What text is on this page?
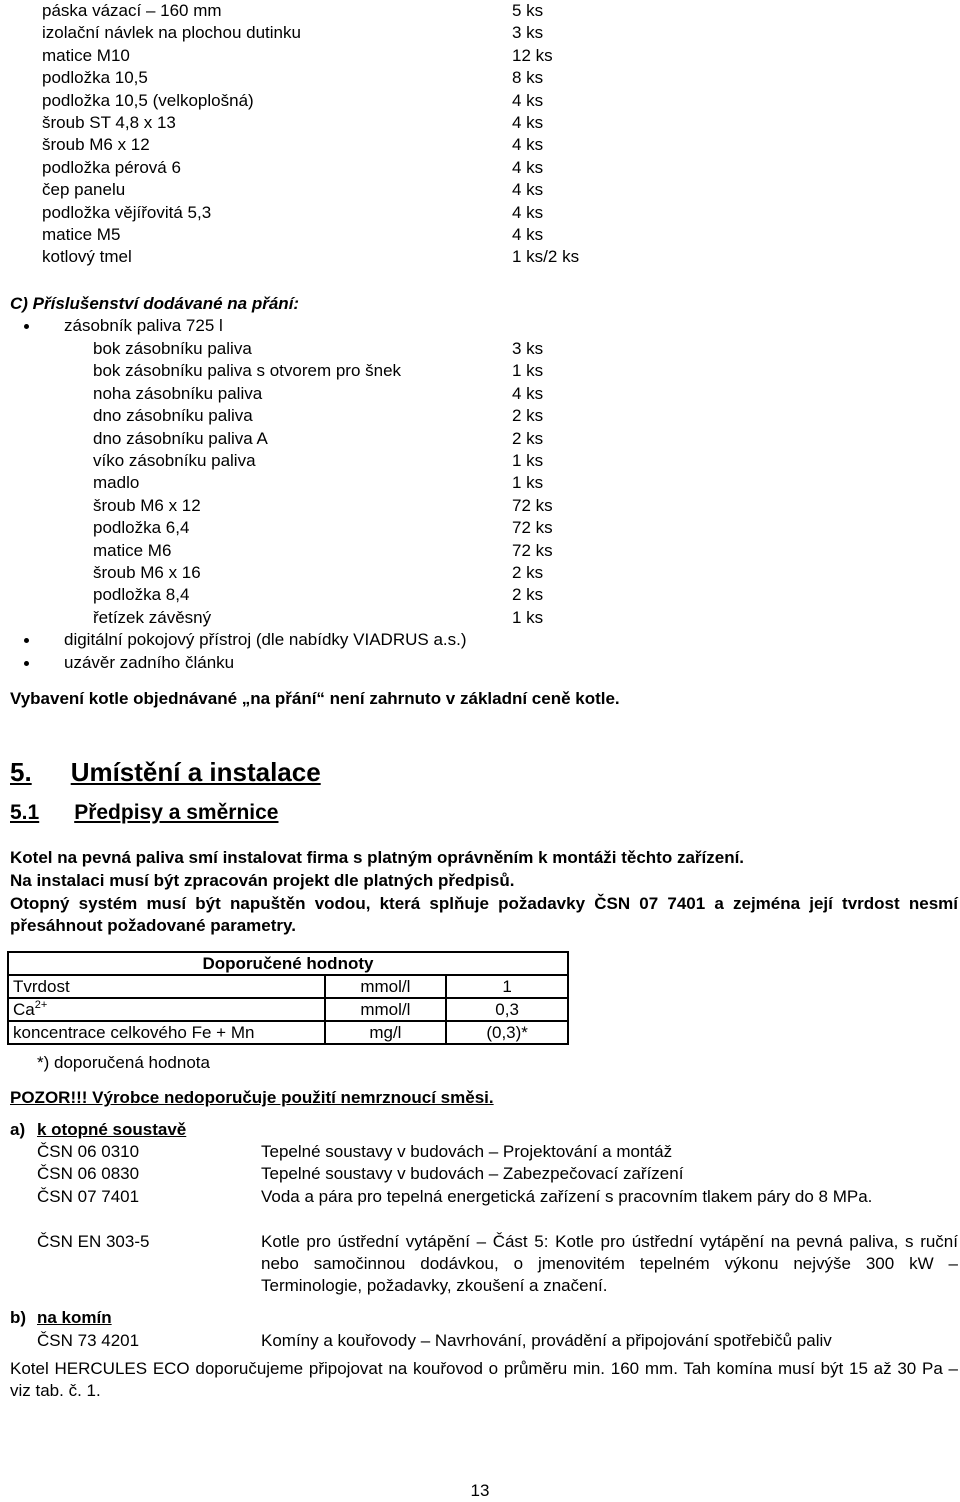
páska vázací – 160 mm	5 ks
izolační návlek na plochou dutinku	3 ks
matice M10	12 ks
podložka 10,5	8 ks
podložka 10,5 (velkoplošná)	4 ks
šroub ST 4,8 x 13	4 ks
šroub M6 x 12	4 ks
podložka pérová 6	4 ks
čep panelu	4 ks
podložka vějířovitá 5,3	4 ks
matice M5	4 ks
kotlový tmel	1 ks/2 ks
C) Příslušenství dodávané na přání:
zásobník paliva 725 l
bok zásobníku paliva	3 ks
bok zásobníku paliva s otvorem pro šnek	1 ks
noha zásobníku paliva	4 ks
dno zásobníku paliva	2 ks
dno zásobníku paliva A	2 ks
víko zásobníku paliva	1 ks
madlo	1 ks
šroub M6 x 12	72 ks
podložka 6,4	72 ks
matice M6	72 ks
šroub M6 x 16	2 ks
podložka 8,4	2 ks
řetízek závěsný	1 ks
digitální pokojový přístroj (dle nabídky VIADRUS a.s.)
uzávěr zadního článku
Vybavení kotle objednávané „na přání“ není zahrnuto v základní ceně kotle.
5. Umístění a instalace
5.1 Předpisy a směrnice
Kotel na pevná paliva smí instalovat firma s platným oprávněním k montáži těchto zařízení.
Na instalaci musí být zpracován projekt dle platných předpisů.
Otopný systém musí být napuštěn vodou, která splňuje požadavky ČSN 07 7401 a zejména její tvrdost nesmí přesáhnout požadované parametry.
Doporučené hodnoty		
Tvrdost	mmol/l	1
$Ca^{2+}$	mmol/l	0,3
koncentrace celkového Fe + Mn	mg/l	(0,3)*
*) doporučená hodnota
POZOR!!! Výrobce nedoporučuje použití nemrznoucí směsi.
a) k otopné soustavě
ČSN 06 0310	Tepelné soustavy v budovách – Projektování a montáž
ČSN 06 0830	Tepelné soustavy v budovách – Zabezpečovací zařízení
ČSN 07 7401	Voda a pára pro tepelná energetická zařízení s pracovním tlakem páry do 8 MPa.
ČSN EN 303-5	Kotle pro ústřední vytápění – Část 5: Kotle pro ústřední vytápění na pevná paliva, s ruční nebo samočinnou dodávkou, o jmenovitém tepelném výkonu nejvýše 300 kW – Terminologie, požadavky, zkoušení a značení.
b) na komín
ČSN 73 4201	Komíny a kouřovody – Navrhování, provádění a připojování spotřebičů paliv
Kotel HERCULES ECO doporučujeme připojovat na kouřovod o průměru min. 160 mm. Tah komína musí být 15 až 30 Pa – viz tab. č. 1.
13
